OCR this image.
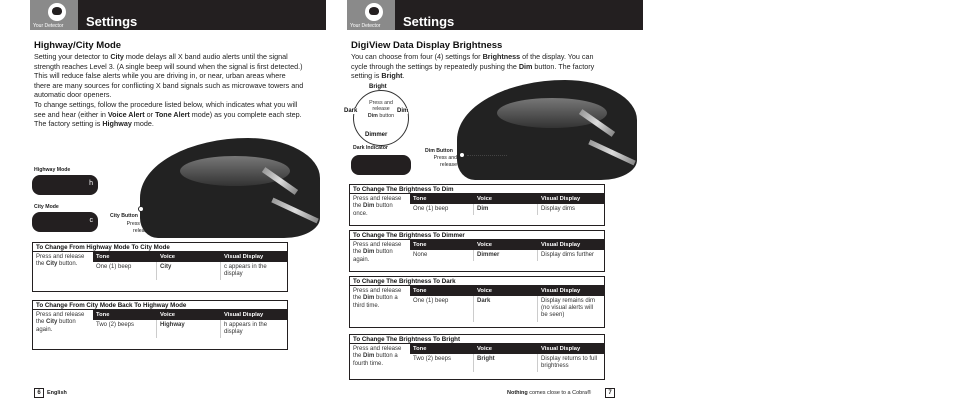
Your Detector Settings
Highway/City Mode
Setting your detector to City mode delays all X band audio alerts until the signal strength reaches Level 3. (A single beep will sound when the signal is first detected.) This will reduce false alerts while you are driving in, or near, urban areas where there are many sources for conflicting X band signals such as microwave towers and automatic door openers.
To change settings, follow the procedure listed below, which indicates what you will see and hear (either in Voice Alert or Tone Alert mode) as you complete each step. The factory setting is Highway mode.
Highway Mode
h
City Mode
c
City Button
Press and release
To Change From Highway Mode To City Mode
Press and release the City button.
Tone	Voice	Visual Display
One (1) beep	City	c appears in the display
To Change From City Mode Back To Highway Mode
Press and release the City button again.
Tone	Voice	Visual Display
Two (2) beeps	Highway	h appears in the display
6	English
Your Detector Settings
DigiView Data Display Brightness
You can choose from four (4) settings for Brightness of the display. You can cycle through the settings by repeatedly pushing the Dim button. The factory setting is Bright.
Bright
Dark	Dim
Dimmer
Press and release
Dim button
Dark Indicator	Dim Button
Press and release
To Change The Brightness To Dim
Press and release the Dim button once.
Tone	Voice	Visual Display
One (1) beep	Dim	Display dims
To Change The Brightness To Dimmer
Press and release the Dim button again.
Tone	Voice	Visual Display
None	Dimmer	Display dims further
To Change The Brightness To Dark
Press and release the Dim button a third time.
Tone	Voice	Visual Display
One (1) beep	Dark	Display remains dim (no visual alerts will be seen)
To Change The Brightness To Bright
Press and release the Dim button a fourth time.
Tone	Voice	Visual Display
Two (2) beeps	Bright	Display returns to full brightness
Nothing comes close to a Cobra®	7
